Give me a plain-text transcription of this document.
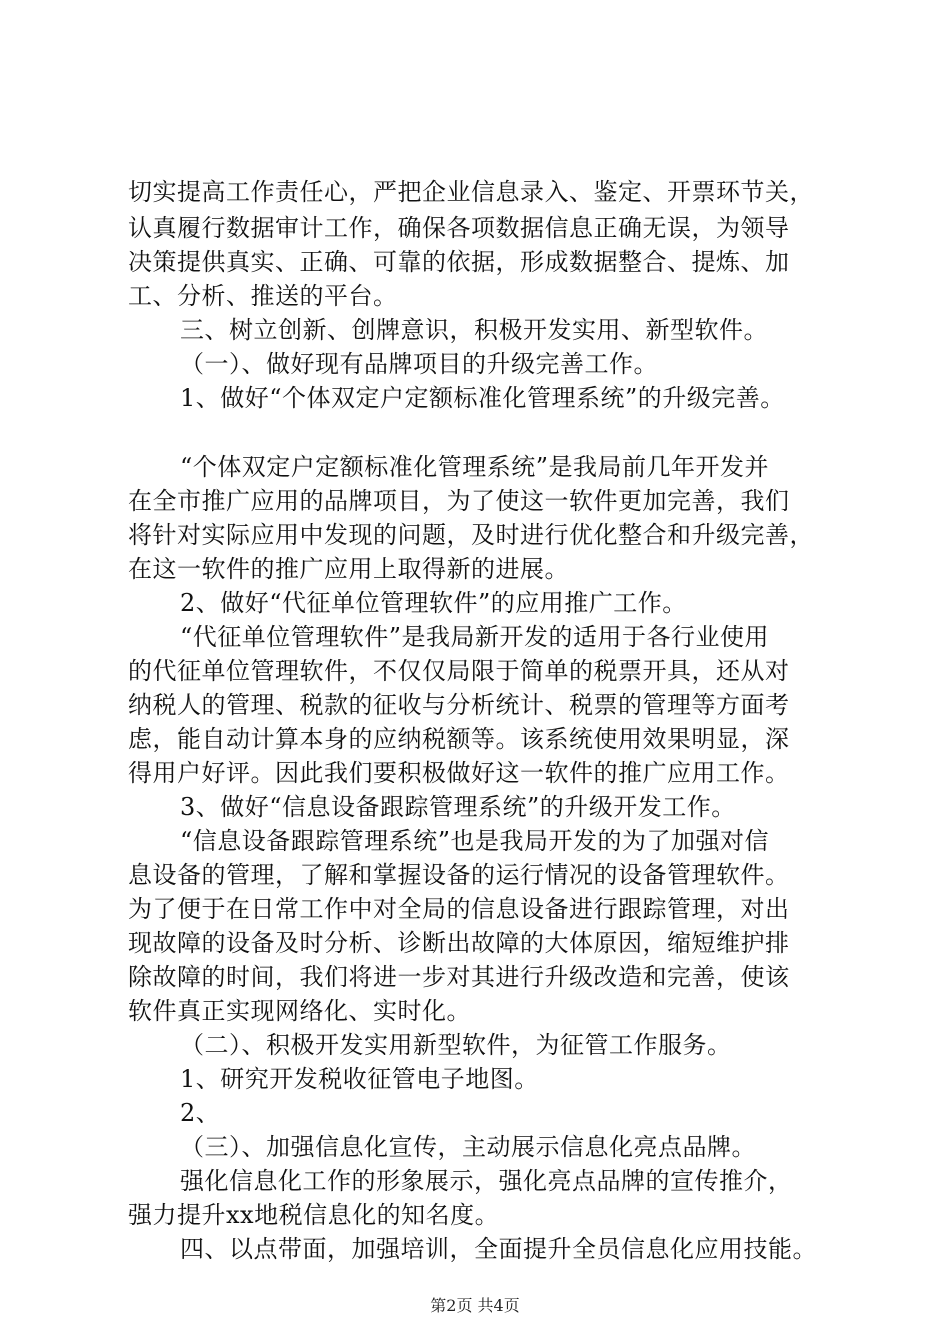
切实提高工作责任心，严把企业信息录入、鉴定、开票环节关，
认真履行数据审计工作，确保各项数据信息正确无误，为领导
决策提供真实、正确、可靠的依据，形成数据整合、提炼、加
工、分析、推送的平台。
三、树立创新、创牌意识，积极开发实用、新型软件。
（一）、做好现有品牌项目的升级完善工作。
1、做好“个体双定户定额标准化管理系统”的升级完善。
“个体双定户定额标准化管理系统”是我局前几年开发并
在全市推广应用的品牌项目，为了使这一软件更加完善，我们
将针对实际应用中发现的问题，及时进行优化整合和升级完善，
在这一软件的推广应用上取得新的进展。
2、做好“代征单位管理软件”的应用推广工作。
“代征单位管理软件”是我局新开发的适用于各行业使用
的代征单位管理软件，不仅仅局限于简单的税票开具，还从对
纳税人的管理、税款的征收与分析统计、税票的管理等方面考
虑，能自动计算本身的应纳税额等。该系统使用效果明显，深
得用户好评。因此我们要积极做好这一软件的推广应用工作。
3、做好“信息设备跟踪管理系统”的升级开发工作。
“信息设备跟踪管理系统”也是我局开发的为了加强对信
息设备的管理，了解和掌握设备的运行情况的设备管理软件。
为了便于在日常工作中对全局的信息设备进行跟踪管理，对出
现故障的设备及时分析、诊断出故障的大体原因，缩短维护排
除故障的时间，我们将进一步对其进行升级改造和完善，使该
软件真正实现网络化、实时化。
（二）、积极开发实用新型软件，为征管工作服务。
1、研究开发税收征管电子地图。
2、
（三）、加强信息化宣传，主动展示信息化亮点品牌。
强化信息化工作的形象展示，强化亮点品牌的宣传推介，
强力提升xx地税信息化的知名度。
四、以点带面，加强培训，全面提升全员信息化应用技能。
第2页 共4页
